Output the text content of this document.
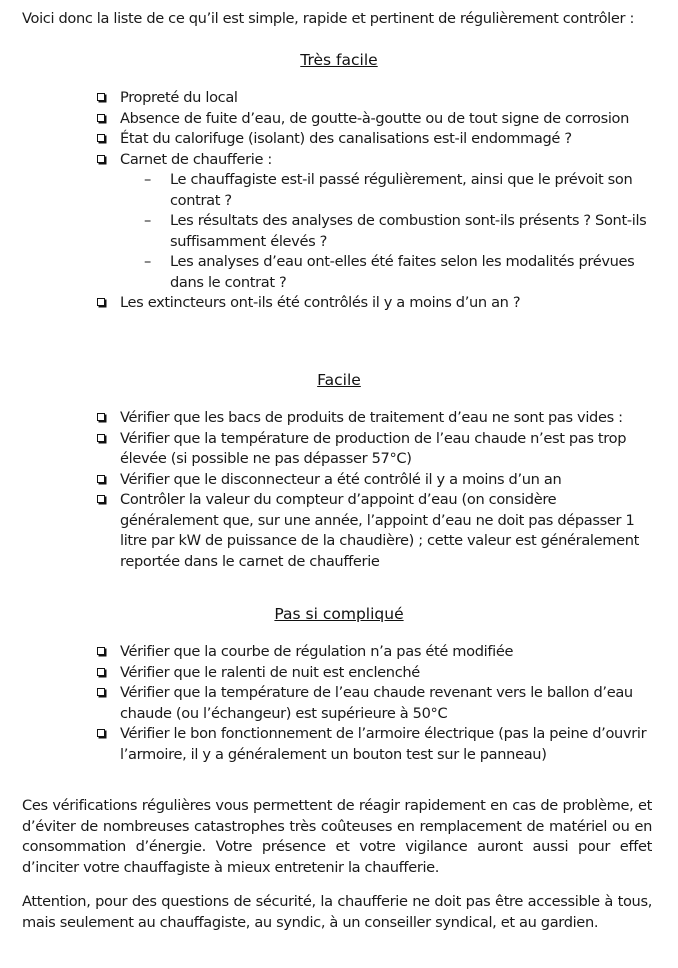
Voici donc la liste de ce qu’il est simple, rapide et pertinent de régulièrement contrôler :
Très facile
Propreté du local
Absence de fuite d’eau, de goutte-à-goutte ou de tout signe de corrosion
État du calorifuge (isolant) des canalisations est-il endommagé ?
Carnet de chaufferie :
– Le chauffagiste est-il passé régulièrement, ainsi que le prévoit son contrat ?
– Les résultats des analyses de combustion sont-ils présents ? Sont-ils suffisamment élevés ?
– Les analyses d’eau ont-elles été faites selon les modalités prévues dans le contrat ?
Les extincteurs ont-ils été contrôlés il y a moins d’un an ?
Facile
Vérifier que les bacs de produits de traitement d’eau ne sont pas vides :
Vérifier que la température de production de l’eau chaude n’est pas trop élevée (si possible ne pas dépasser 57°C)
Vérifier que le disconnecteur a été contrôlé il y a moins d’un an
Contrôler la valeur du compteur d’appoint d’eau (on considère généralement que, sur une année, l’appoint d’eau ne doit pas dépasser 1 litre par kW de puissance de la chaudière) ; cette valeur est généralement reportée dans le carnet de chaufferie
Pas si compliqué
Vérifier que la courbe de régulation n’a pas été modifiée
Vérifier que le ralenti de nuit est enclenché
Vérifier que la température de l’eau chaude revenant vers le ballon d’eau chaude (ou l’échangeur) est supérieure à 50°C
Vérifier le bon fonctionnement de l’armoire électrique (pas la peine d’ouvrir l’armoire, il y a généralement un bouton test sur le panneau)

Ces vérifications régulières vous permettent de réagir rapidement en cas de problème, et d’éviter de nombreuses catastrophes très coûteuses en remplacement de matériel ou en consommation d’énergie. Votre présence et votre vigilance auront aussi pour effet d’inciter votre chauffagiste à mieux entretenir la chaufferie.

Attention, pour des questions de sécurité, la chaufferie ne doit pas être accessible à tous, mais seulement au chauffagiste, au syndic, à un conseiller syndical, et au gardien.
